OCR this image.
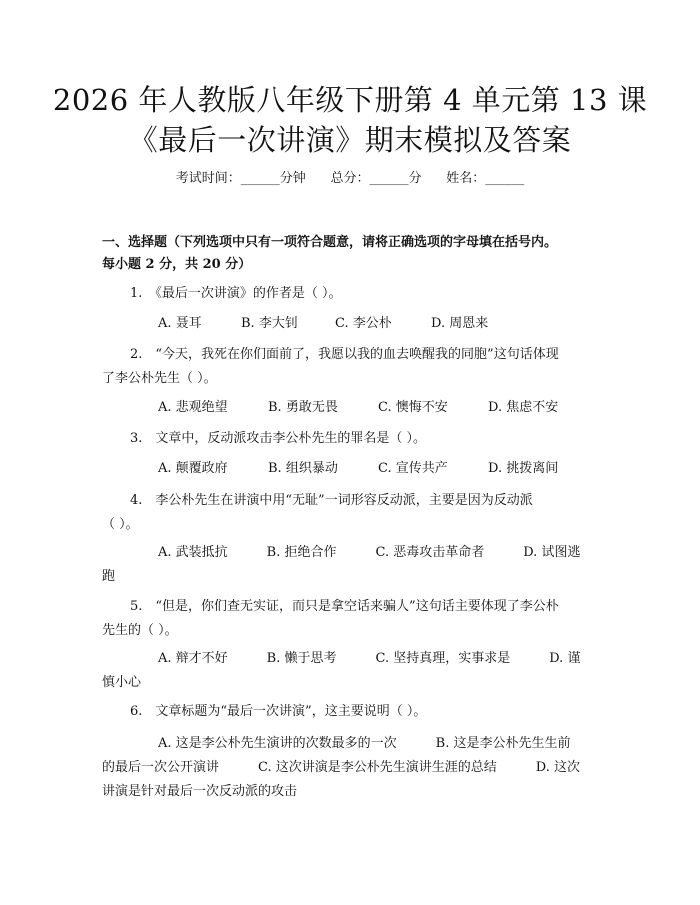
2026 年人教版八年级下册第 4 单元第 13 课
《最后一次讲演》期末模拟及答案
考试时间：______分钟      总分：______分      姓名：______
一、选择题（下列选项中只有一项符合题意，请将正确选项的字母填在括号内。
每小题 2 分，共 20 分）
1.　《最后一次讲演》的作者是（ ）。
A. 聂耳	B. 李大钊	C. 李公朴	D. 周恩来
2.　“今天，我死在你们面前了，我愿以我的血去唤醒我的同胞”这句话体现
了李公朴先生（ ）。
A. 悲观绝望	B. 勇敢无畏	C. 懊悔不安	D. 焦虑不安
3.　文章中，反动派攻击李公朴先生的罪名是（ ）。
A. 颠覆政府	B. 组织暴动	C. 宣传共产	D. 挑拨离间
4.　李公朴先生在讲演中用“无耻”一词形容反动派，主要是因为反动派
（ ）。
A. 武装抵抗　　　B. 拒绝合作　　　C. 恶毒攻击革命者　　　D. 试图逃
跑
5.　“但是，你们查无实证，而只是拿空话来骗人”这句话主要体现了李公朴
先生的（ ）。
A. 辩才不好　　　B. 懒于思考　　　C. 坚持真理，实事求是　　　D. 谨
慎小心
6.　文章标题为“最后一次讲演”，这主要说明（ ）。
A. 这是李公朴先生演讲的次数最多的一次　　　B. 这是李公朴先生生前
的最后一次公开演讲　　　C. 这次讲演是李公朴先生演讲生涯的总结　　　D. 这次
讲演是针对最后一次反动派的攻击
